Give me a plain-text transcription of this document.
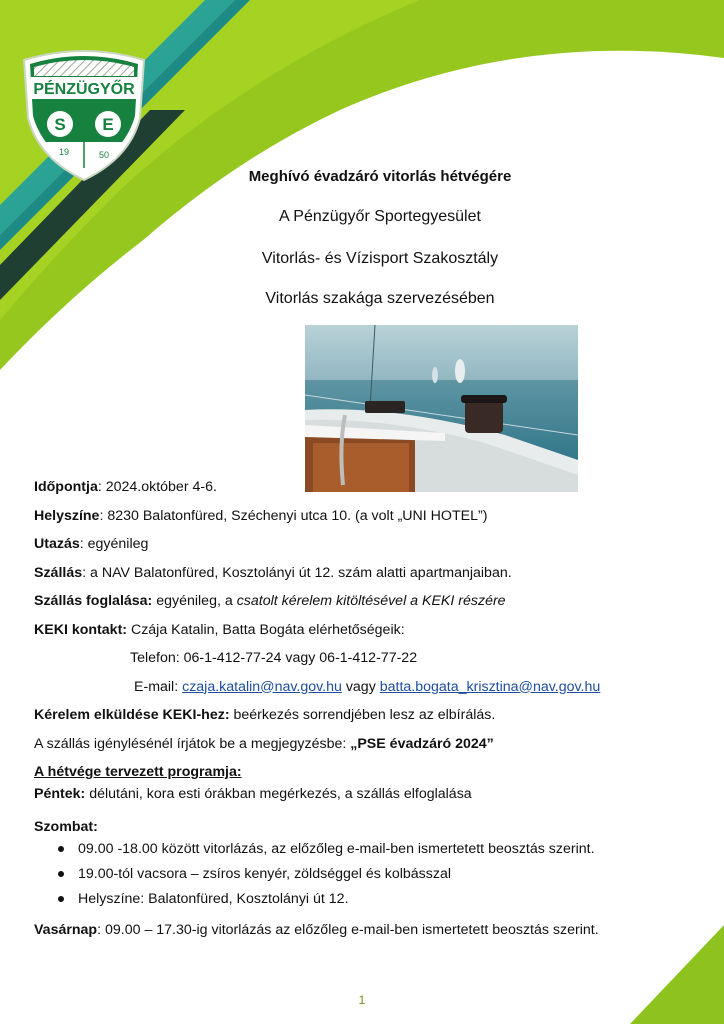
PÉNZÜGYŐR
S E
19	50

Meghívó évadzáró vitorlás hétvégére

A Pénzügyőr Sportegyesület

Vitorlás- és Vízisport Szakosztály

Vitorlás szakága szervezésében

Időpontja: 2024.október 4-6.
Helyszíne: 8230 Balatonfüred, Széchenyi utca 10. (a volt „UNI HOTEL”)
Utazás: egyénileg
Szállás: a NAV Balatonfüred, Kosztolányi út 12. szám alatti apartmanjaiban.
Szállás foglalása: egyénileg, a csatolt kérelem kitöltésével a KEKI részére
KEKI kontakt: Czája Katalin, Batta Bogáta elérhetőségeik:
Telefon: 06-1-412-77-24 vagy 06-1-412-77-22
E-mail: czaja.katalin@nav.gov.hu vagy batta.bogata_krisztina@nav.gov.hu
Kérelem elküldése KEKI-hez: beérkezés sorrendjében lesz az elbírálás.
A szállás igénylésénél írjátok be a megjegyzésbe: „PSE évadzáró 2024”
A hétvége tervezett programja:
Péntek: délutáni, kora esti órákban megérkezés, a szállás elfoglalása
Szombat:
09.00 -18.00 között vitorlázás, az előzőleg e-mail-ben ismertetett beosztás szerint.
19.00-tól vacsora – zsíros kenyér, zöldséggel és kolbásszal
Helyszíne: Balatonfüred, Kosztolányi út 12.
Vasárnap: 09.00 – 17.30-ig vitorlázás az előzőleg e-mail-ben ismertetett beosztás szerint.
1
